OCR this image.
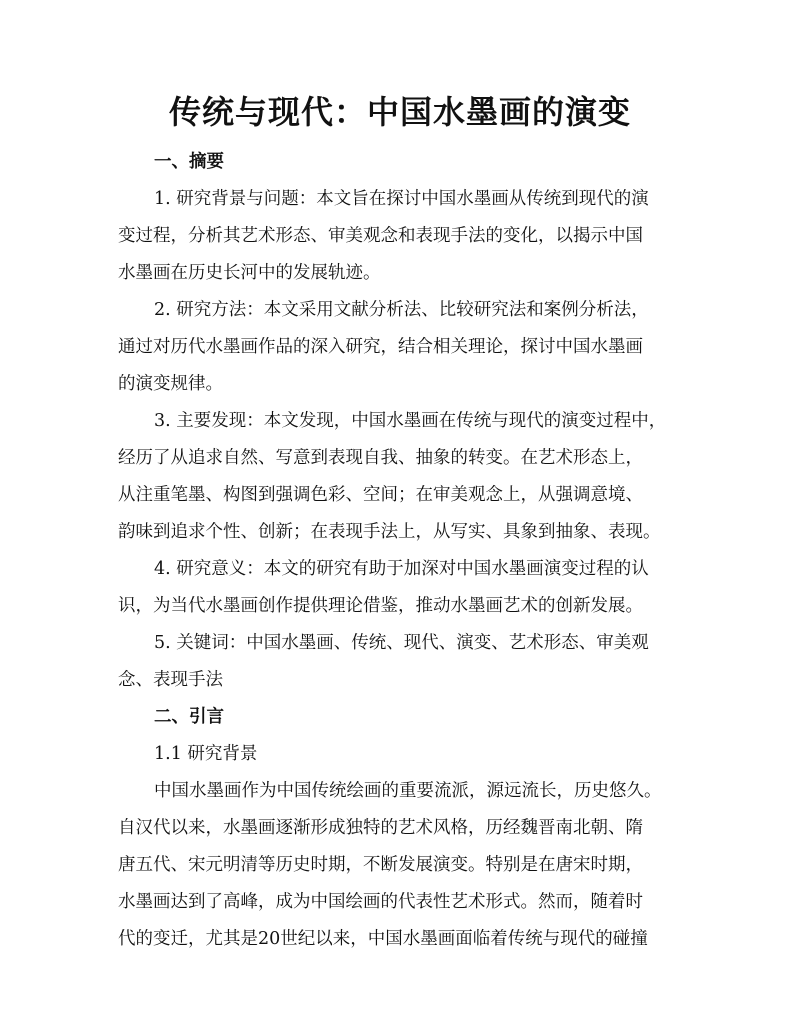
传统与现代：中国水墨画的演变
一、摘要
1. 研究背景与问题：本文旨在探讨中国水墨画从传统到现代的演
变过程，分析其艺术形态、审美观念和表现手法的变化，以揭示中国
水墨画在历史长河中的发展轨迹。
2. 研究方法：本文采用文献分析法、比较研究法和案例分析法，
通过对历代水墨画作品的深入研究，结合相关理论，探讨中国水墨画
的演变规律。
3. 主要发现：本文发现，中国水墨画在传统与现代的演变过程中，
经历了从追求自然、写意到表现自我、抽象的转变。在艺术形态上，
从注重笔墨、构图到强调色彩、空间；在审美观念上，从强调意境、
韵味到追求个性、创新；在表现手法上，从写实、具象到抽象、表现。
4. 研究意义：本文的研究有助于加深对中国水墨画演变过程的认
识，为当代水墨画创作提供理论借鉴，推动水墨画艺术的创新发展。
5. 关键词：中国水墨画、传统、现代、演变、艺术形态、审美观
念、表现手法
二、引言
1.1 研究背景
中国水墨画作为中国传统绘画的重要流派，源远流长，历史悠久。
自汉代以来，水墨画逐渐形成独特的艺术风格，历经魏晋南北朝、隋
唐五代、宋元明清等历史时期，不断发展演变。特别是在唐宋时期，
水墨画达到了高峰，成为中国绘画的代表性艺术形式。然而，随着时
代的变迁，尤其是20世纪以来，中国水墨画面临着传统与现代的碰撞
